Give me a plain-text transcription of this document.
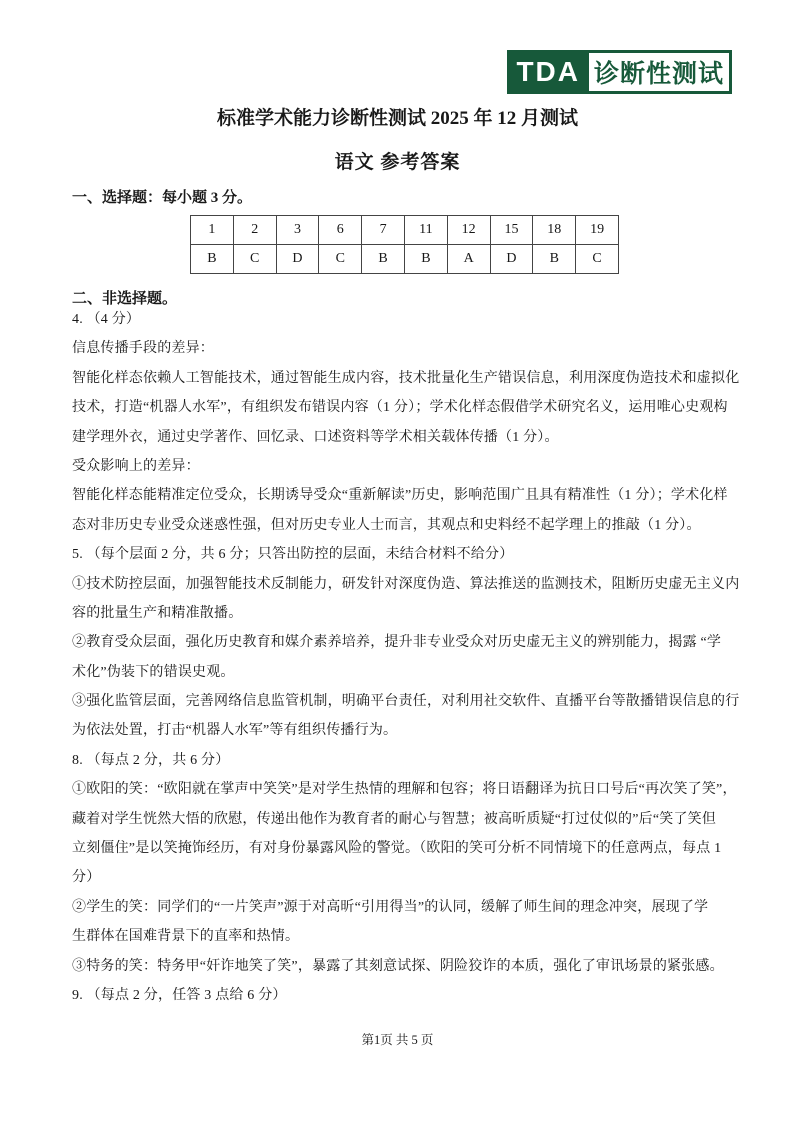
TDA 诊断性测试
标准学术能力诊断性测试 2025 年 12 月测试
语文 参考答案
一、选择题：每小题 3 分。
1	2	3	6	7	11	12	15	18	19
B	C	D	C	B	B	A	D	B	C
二、非选择题。
4. （4 分）
信息传播手段的差异：
智能化样态依赖人工智能技术，通过智能生成内容，技术批量化生产错误信息，利用深度伪造技术和虚拟化
技术，打造“机器人水军”，有组织发布错误内容（1 分）；学术化样态假借学术研究名义，运用唯心史观构
建学理外衣，通过史学著作、回忆录、口述资料等学术相关载体传播（1 分）。
受众影响上的差异：
智能化样态能精准定位受众，长期诱导受众“重新解读”历史，影响范围广且具有精准性（1 分）；学术化样
态对非历史专业受众迷惑性强，但对历史专业人士而言，其观点和史料经不起学理上的推敲（1 分）。
5. （每个层面 2 分，共 6 分；只答出防控的层面，未结合材料不给分）
①技术防控层面，加强智能技术反制能力，研发针对深度伪造、算法推送的监测技术，阻断历史虚无主义内
容的批量生产和精准散播。
②教育受众层面，强化历史教育和媒介素养培养，提升非专业受众对历史虚无主义的辨别能力，揭露 “学
术化”伪装下的错误史观。
③强化监管层面，完善网络信息监管机制，明确平台责任，对利用社交软件、直播平台等散播错误信息的行
为依法处置，打击“机器人水军”等有组织传播行为。
8. （每点 2 分，共 6 分）
①欧阳的笑：“欧阳就在掌声中笑笑”是对学生热情的理解和包容；将日语翻译为抗日口号后“再次笑了笑”，
藏着对学生恍然大悟的欣慰，传递出他作为教育者的耐心与智慧；被高昕质疑“打过仗似的”后“笑了笑但
立刻僵住”是以笑掩饰经历，有对身份暴露风险的警觉。（欧阳的笑可分析不同情境下的任意两点，每点 1
分）
②学生的笑：同学们的“一片笑声”源于对高昕“引用得当”的认同，缓解了师生间的理念冲突，展现了学
生群体在国难背景下的直率和热情。
③特务的笑：特务甲“奸诈地笑了笑”，暴露了其刻意试探、阴险狡诈的本质，强化了审讯场景的紧张感。
9. （每点 2 分，任答 3 点给 6 分）
第1页 共 5 页
